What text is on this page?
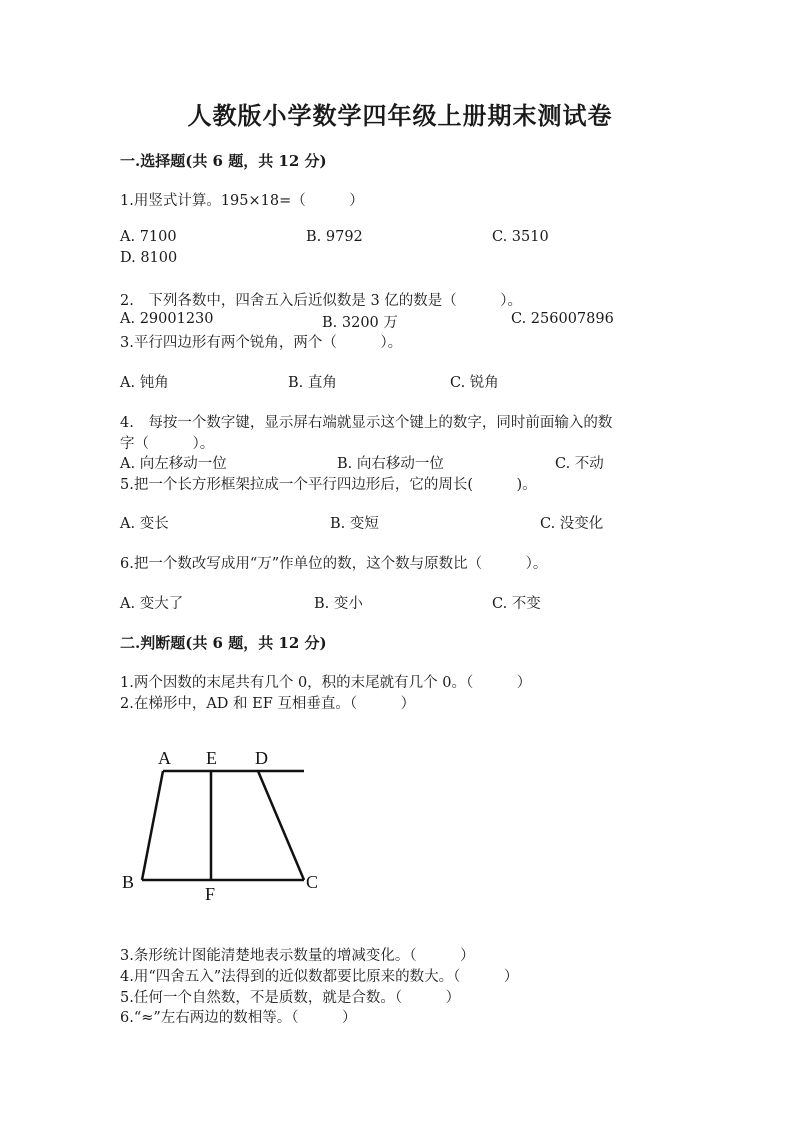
人教版小学数学四年级上册期末测试卷
一.选择题(共 6 题，共 12 分)
1.用竖式计算。195×18=（　　　）
A. 7100	B. 9792	C. 3510
D. 8100
2.　下列各数中，四舍五入后近似数是 3 亿的数是（　　　）。
A. 29001230	B. 3200 万	C. 256007896
3.平行四边形有两个锐角，两个（　　　）。
A. 钝角	B. 直角	C. 锐角
4.　每按一个数字键，显示屏右端就显示这个键上的数字，同时前面输入的数
字（　　　）。
A. 向左移动一位	B. 向右移动一位	C. 不动
5.把一个长方形框架拉成一个平行四边形后，它的周长(　　　)。
A. 变长	B. 变短	C. 没变化
6.把一个数改写成用“万”作单位的数，这个数与原数比（　　　）。
A. 变大了	B. 变小	C. 不变
二.判断题(共 6 题，共 12 分)
1.两个因数的末尾共有几个 0，积的末尾就有几个 0。（　　　）
2.在梯形中，AD 和 EF 互相垂直。（　　　）
A E D
B
F
C
3.条形统计图能清楚地表示数量的增减变化。（　　　）
4.用“四舍五入”法得到的近似数都要比原来的数大。（　　　）
5.任何一个自然数，不是质数，就是合数。（　　　）
6.“≈”左右两边的数相等。（　　　）
